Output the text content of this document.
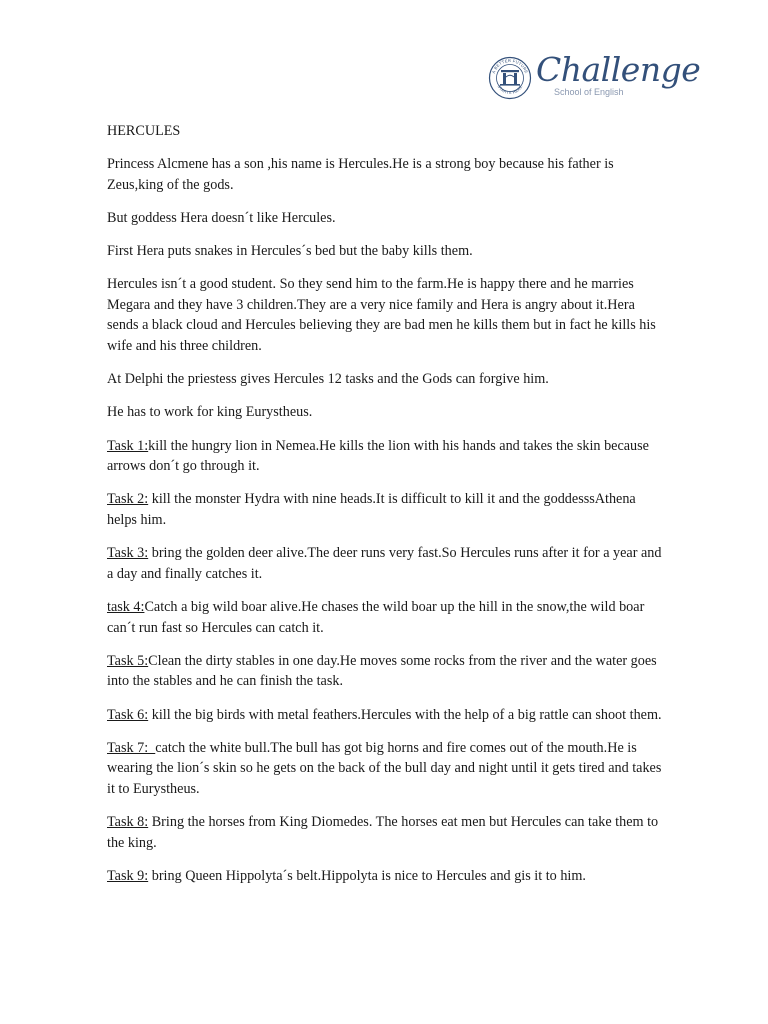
A BETTER FUTURE
STARTS HERE Challenge
School of English

HERCULES

Princess Alcmene has a son ,his name is Hercules.He is a strong boy because his father is Zeus,king of the gods.

But goddess Hera doesn´t like Hercules.

First Hera puts snakes in Hercules´s bed but the baby kills them.

Hercules isn´t a good student. So they send him to the farm.He is happy there and he marries Megara and they have 3 children.They are a very nice family and Hera is angry about it.Hera sends a black cloud and Hercules believing they are bad men he kills them but in fact he kills his wife and his three children.

At Delphi the priestess gives Hercules 12 tasks and the Gods can forgive him.

He has to work for king Eurystheus.

Task 1:kill the hungry lion in Nemea.He kills the lion with his hands and takes the skin because arrows don´t go through it.

Task 2: kill the monster Hydra with nine heads.It is difficult to kill it and the goddesssAthena helps him.

Task 3: bring the golden deer alive.The deer runs very fast.So Hercules runs after it for a year and a day and finally catches it.

task 4:Catch a big wild boar alive.He chases the wild boar up the hill in the snow,the wild boar can´t run fast so Hercules can catch it.

Task 5:Clean the dirty stables in one day.He moves some rocks from the river and the water goes into the stables and he can finish the task.

Task 6: kill the big birds with metal feathers.Hercules with the help of a big rattle can shoot them.

Task 7:  catch the white bull.The bull has got big horns and fire comes out of the mouth.He is wearing the lion´s skin so he gets on the back of the bull day and night until it gets tired and takes it to Eurystheus.

Task 8: Bring the horses from King Diomedes. The horses eat men but Hercules can take them to the king.

Task 9: bring Queen Hippolyta´s belt.Hippolyta is nice to Hercules and gis it to him.
